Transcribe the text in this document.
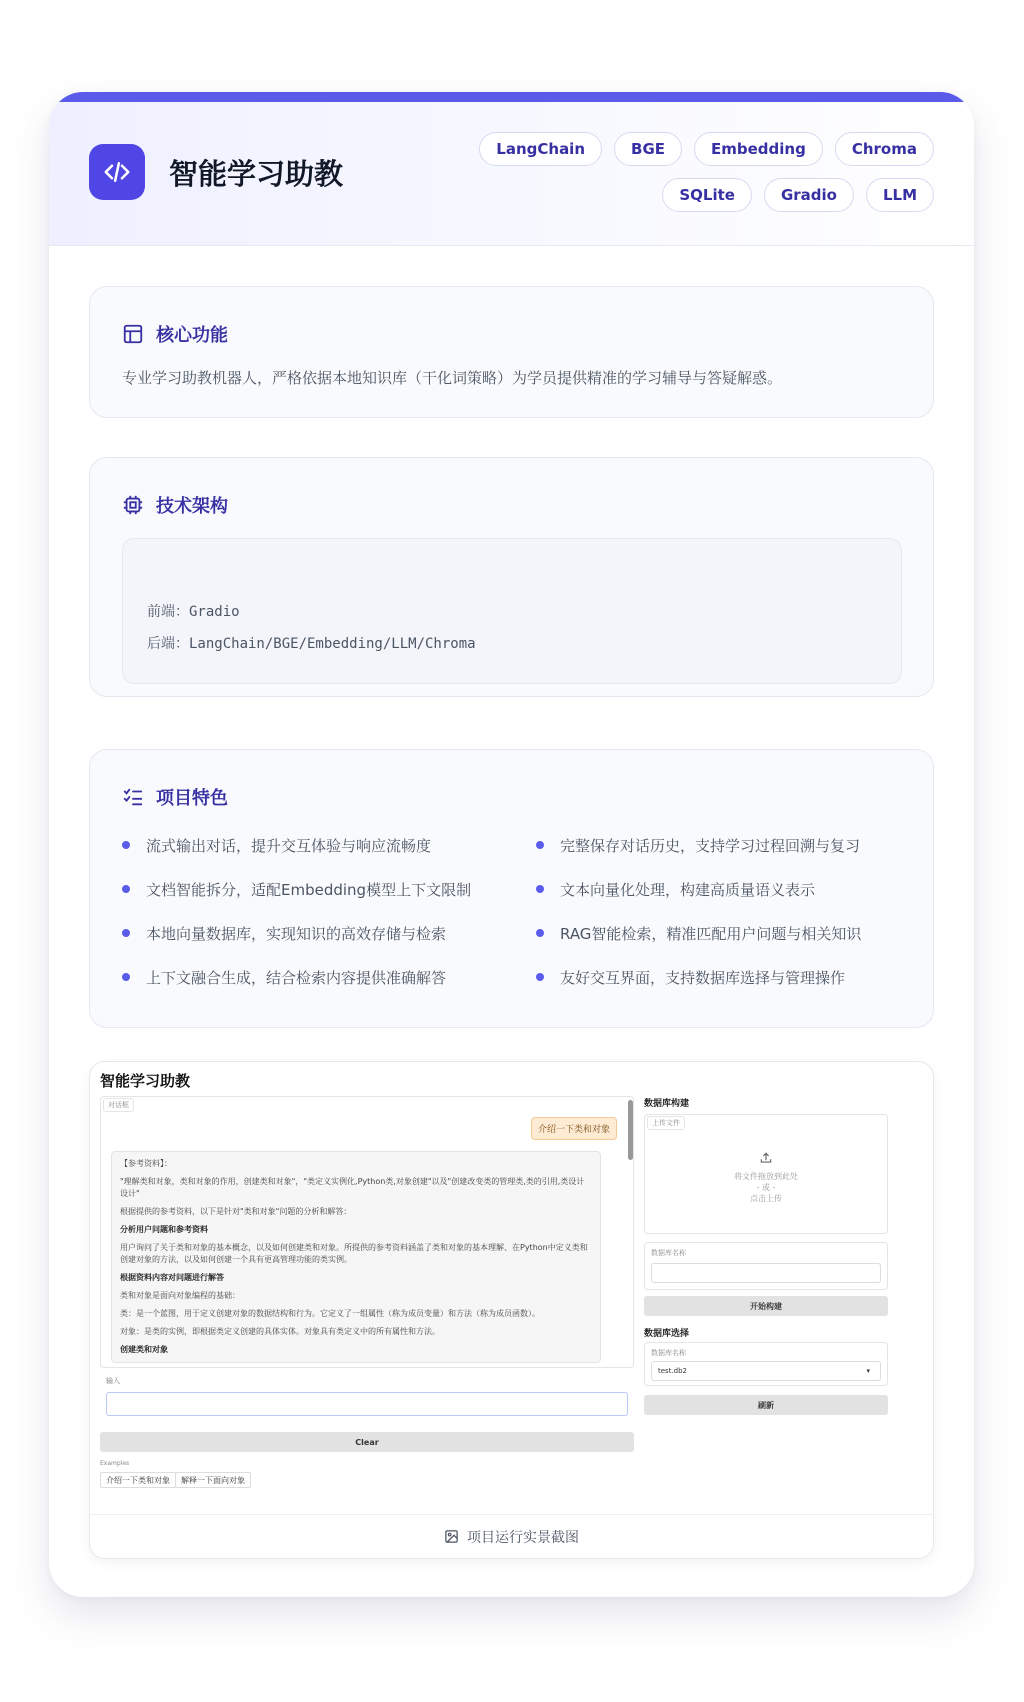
智能学习助教
LangChain	BGE	Embedding	Chroma
SQLite	Gradio	LLM
核心功能
专业学习助教机器人，严格依据本地知识库（干化词策略）为学员提供精准的学习辅导与答疑解惑。
技术架构
前端：Gradio
后端：LangChain/BGE/Embedding/LLM/Chroma
项目特色
流式输出对话，提升交互体验与响应流畅度	完整保存对话历史，支持学习过程回溯与复习
文档智能拆分，适配Embedding模型上下文限制	文本向量化处理，构建高质量语义表示
本地向量数据库，实现知识的高效存储与检索	RAG智能检索，精准匹配用户问题与相关知识
上下文融合生成，结合检索内容提供准确解答	友好交互界面，支持数据库选择与管理操作
智能学习助教
对话框
介绍一下类和对象

【参考资料】：

"理解类和对象，类和对象的作用，创建类和对象"，"类定义实例化,Python类,对象创建"以及"创建改变类的管理类,类的引用,类设计设计"

根据提供的参考资料，以下是针对"类和对象"问题的分析和解答：

分析用户问题和参考资料

用户询问了关于类和对象的基本概念，以及如何创建类和对象。所提供的参考资料涵盖了类和对象的基本理解、在Python中定义类和创建对象的方法，以及如何创建一个具有更高管理功能的类实例。

根据资料内容对问题进行解答

类和对象是面向对象编程的基础：

类：是一个蓝图，用于定义创建对象的数据结构和行为。它定义了一组属性（称为成员变量）和方法（称为成员函数）。

对象：是类的实例，即根据类定义创建的具体实体。对象具有类定义中的所有属性和方法。

创建类和对象

输入
Clear
Examples
介绍一下类和对象	解释一下面向对象
数据库构建
上传文件
将文件拖放到此处
- 或 -
点击上传
数据库名称
开始构建
数据库选择
数据库名称
test.db2	▾
刷新
项目运行实景截图
